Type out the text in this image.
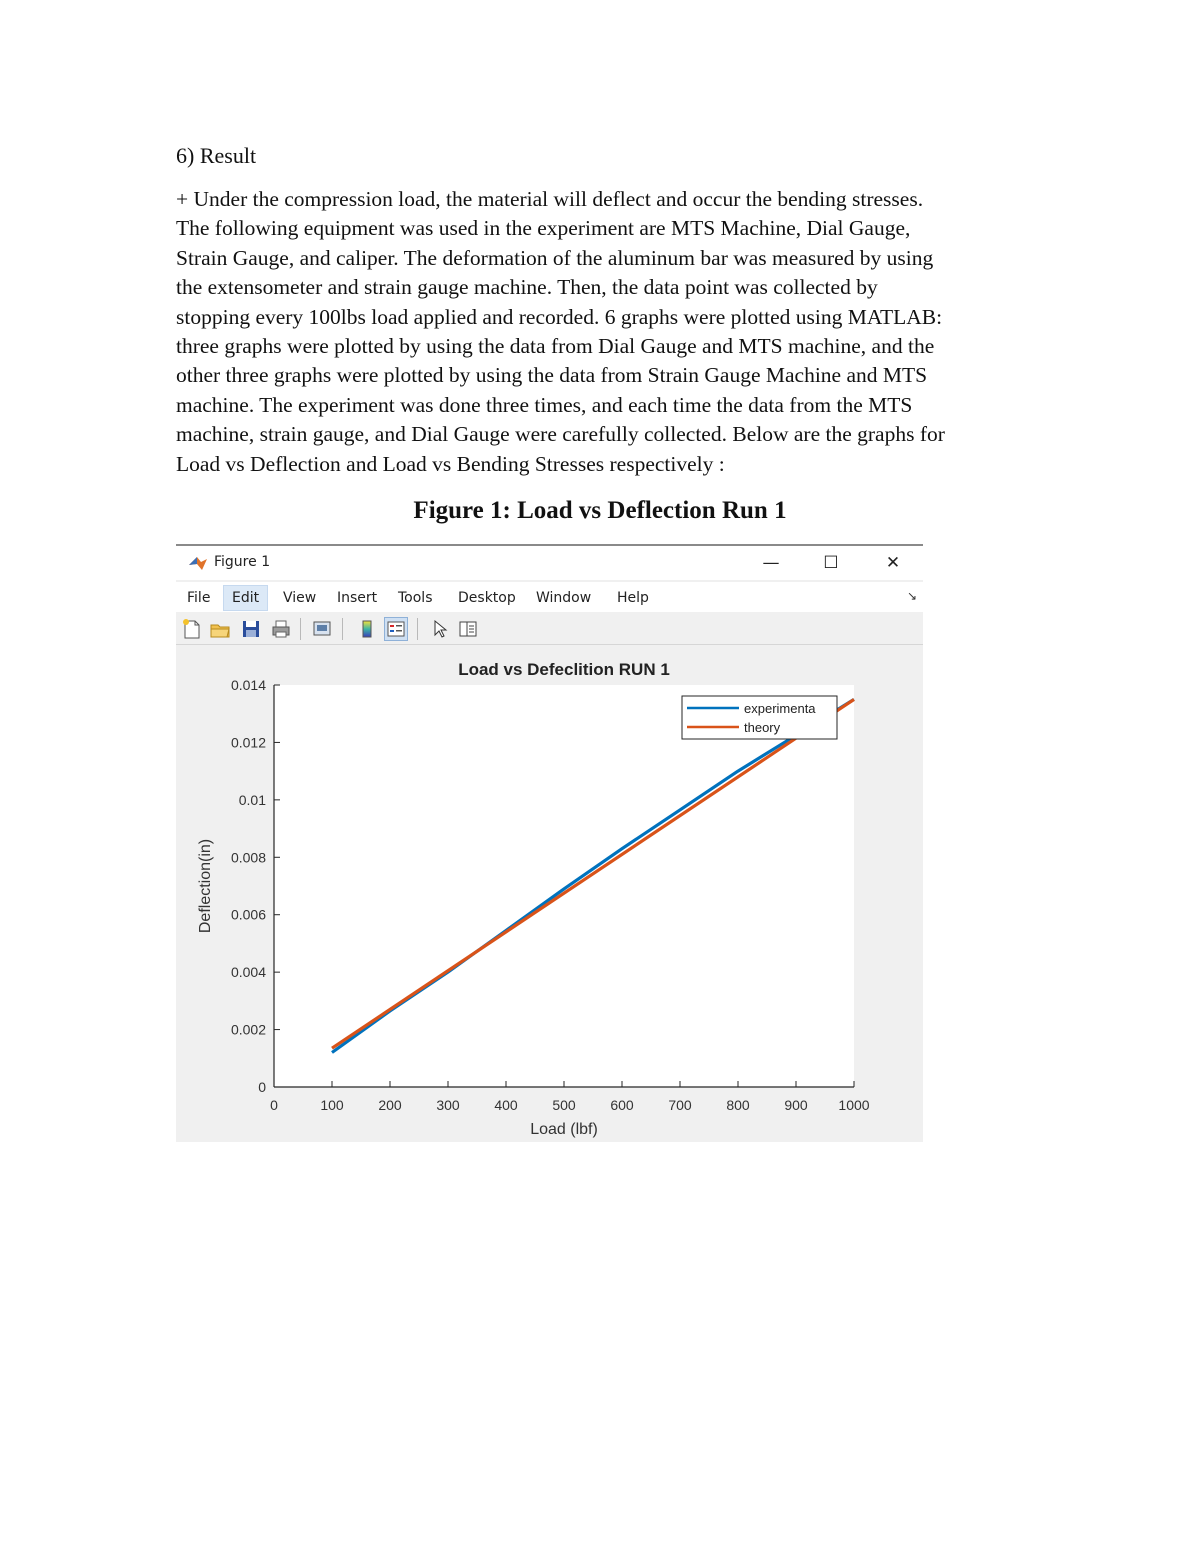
6) Result

+ Under the compression load, the material will deflect and occur the bending stresses.
The following equipment was used in the experiment are MTS Machine, Dial Gauge,
Strain Gauge, and caliper. The deformation of the aluminum bar was measured by using
the extensometer and strain gauge machine. Then, the data point was collected by
stopping every 100lbs load applied and recorded. 6 graphs were plotted using MATLAB:
three graphs were plotted by using the data from Dial Gauge and MTS machine, and the
other three graphs were plotted by using the data from Strain Gauge Machine and MTS
machine. The experiment was done three times, and each time the data from the MTS
machine, strain gauge, and Dial Gauge were carefully collected. Below are the graphs for
Load vs Deflection and Load vs Bending Stresses respectively :

Figure 1: Load vs Deflection Run 1
Figure 1	—	☐	✕
File	Edit	View	Insert	Tools	Desktop	Window	Help	↘
Load vs Defeclition RUN 1
0	100 200 300 400 500 600 700 800 900 1000
0
0.002
0.004
0.006
0.008
0.01
0.012
0.014
Load (lbf)
Deflection(in)
experimenta
theory
